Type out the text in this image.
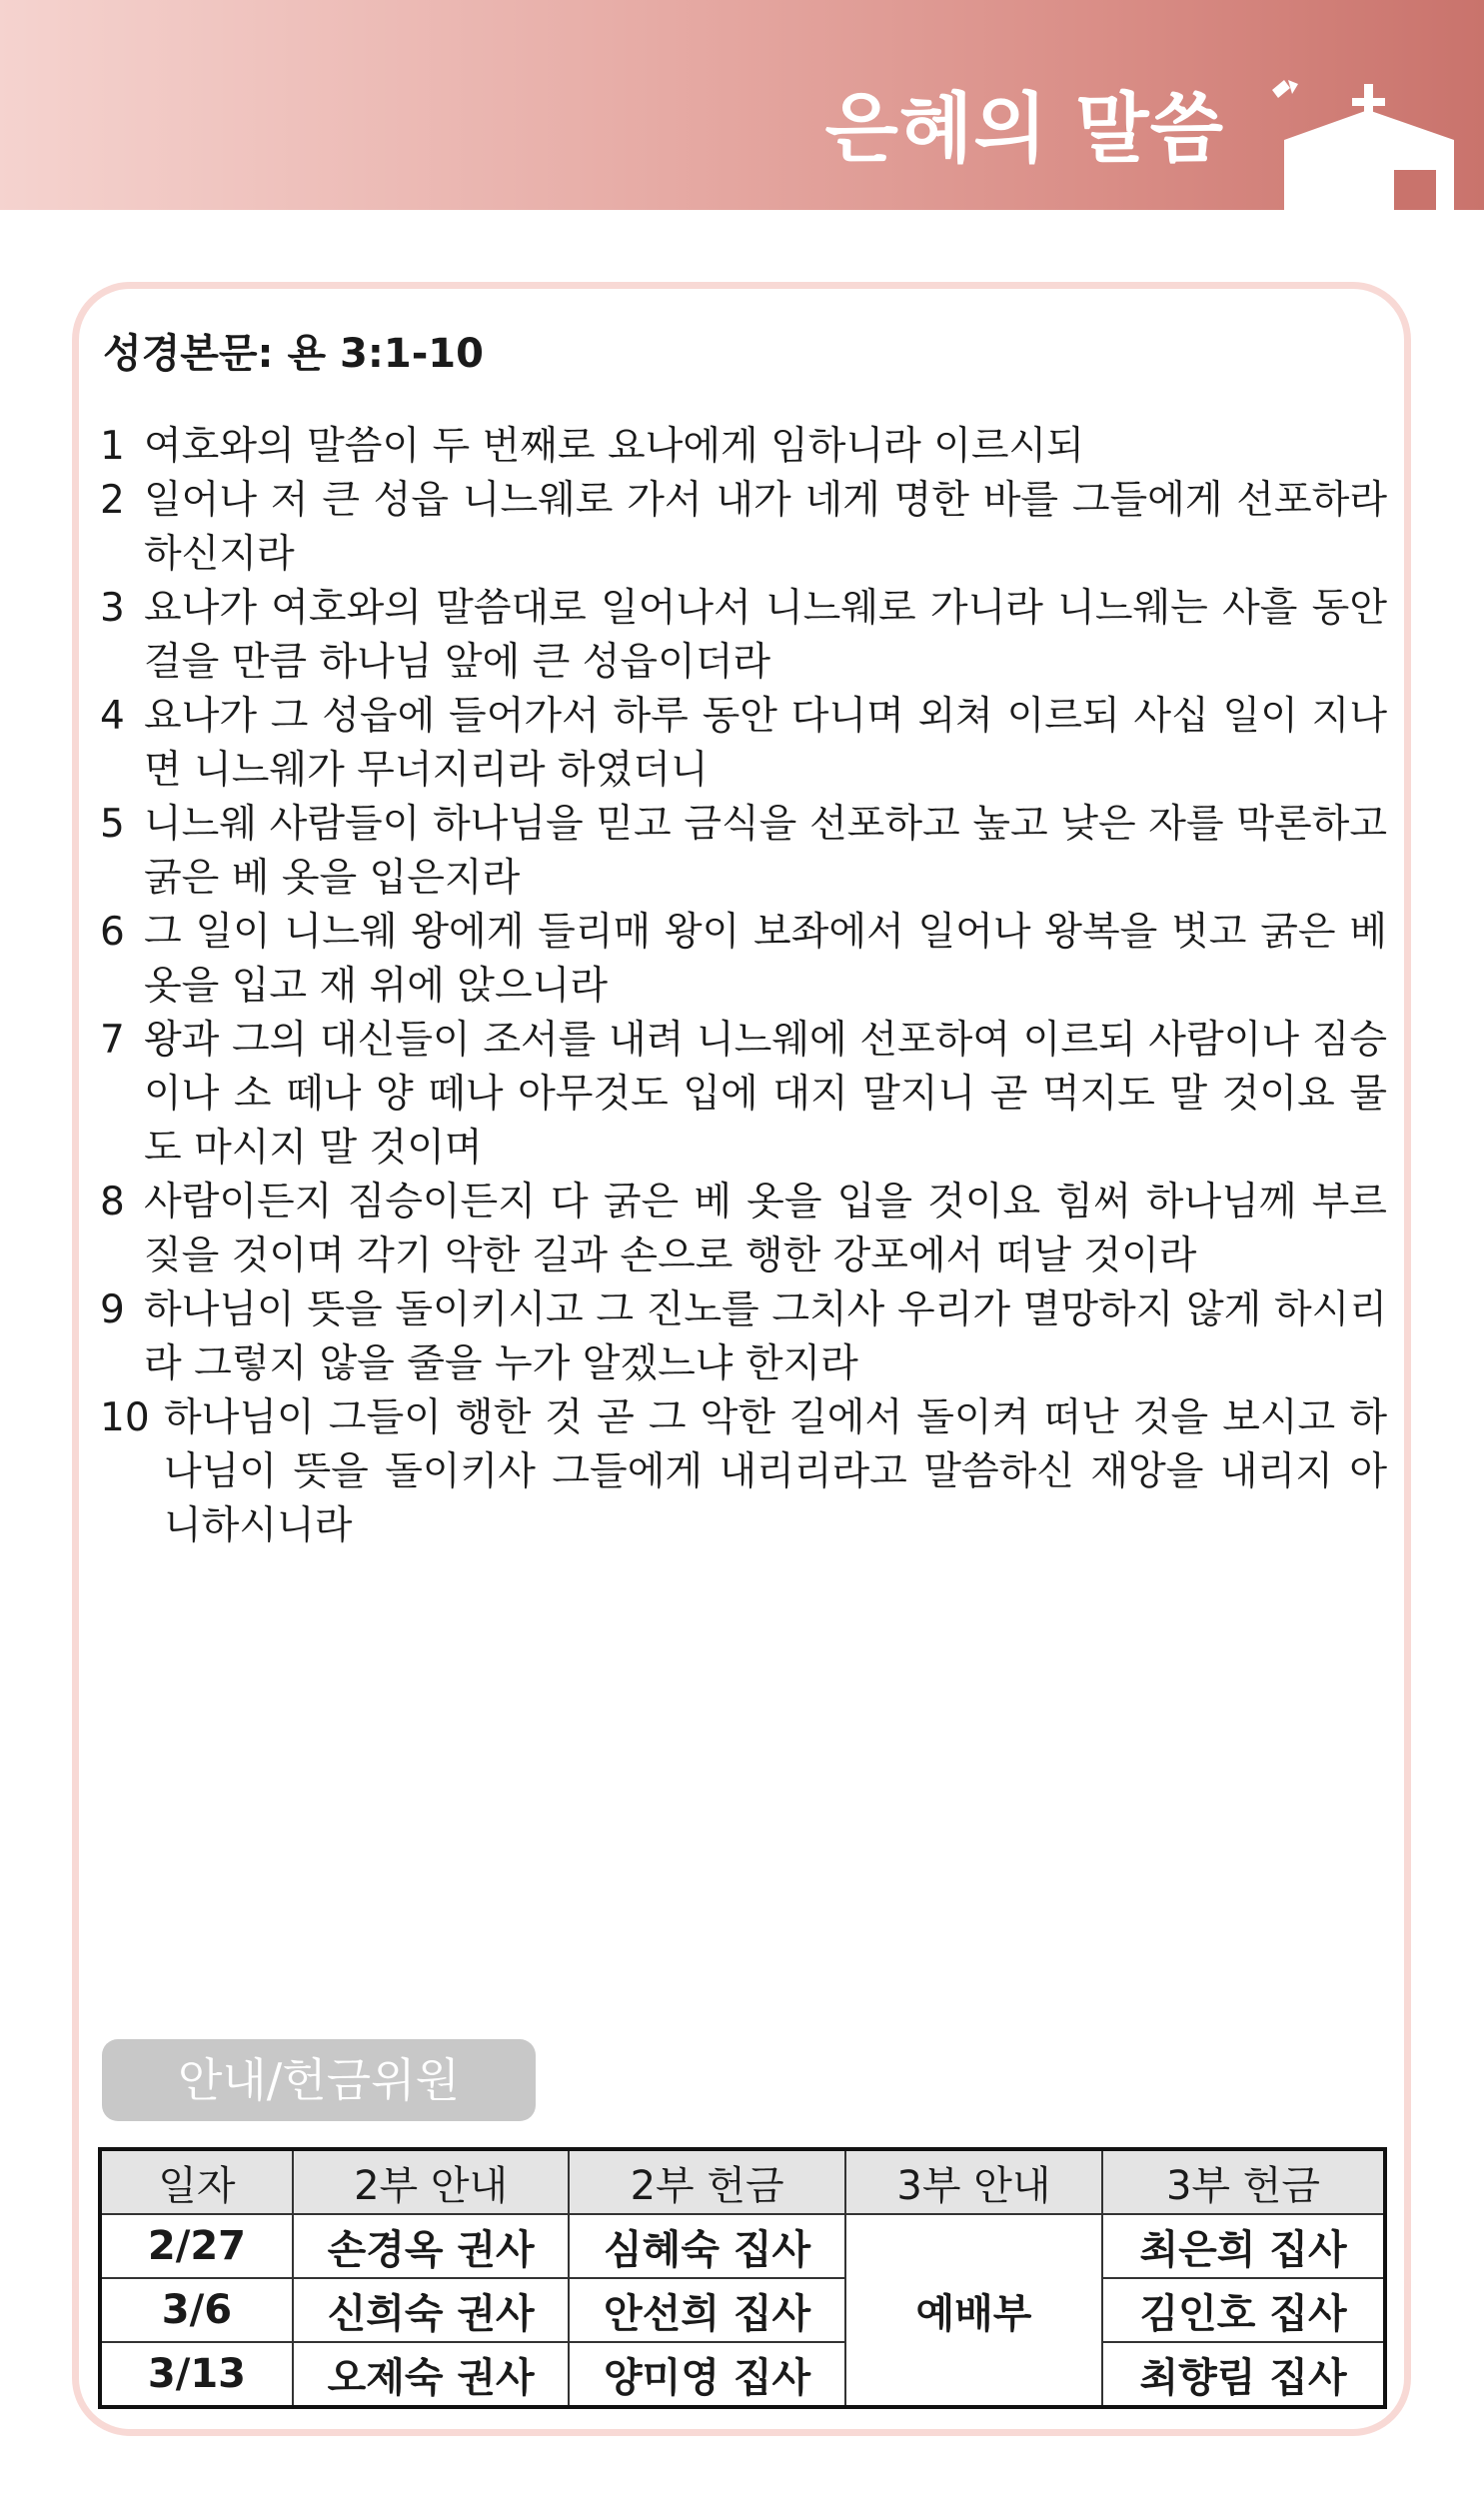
은혜의 말씀
성경본문: 욘 3:1-10
1 여호와의 말씀이 두 번째로 요나에게 임하니라 이르시되
2 일어나 저 큰 성읍 니느웨로 가서 내가 네게 명한 바를 그들에게 선포하라 하신지라
3 요나가 여호와의 말씀대로 일어나서 니느웨로 가니라 니느웨는 사흘 동안 걸을 만큼 하나님 앞에 큰 성읍이더라
4 요나가 그 성읍에 들어가서 하루 동안 다니며 외쳐 이르되 사십 일이 지나면 니느웨가 무너지리라 하였더니
5 니느웨 사람들이 하나님을 믿고 금식을 선포하고 높고 낮은 자를 막론하고 굵은 베 옷을 입은지라
6 그 일이 니느웨 왕에게 들리매 왕이 보좌에서 일어나 왕복을 벗고 굵은 베 옷을 입고 재 위에 앉으니라
7 왕과 그의 대신들이 조서를 내려 니느웨에 선포하여 이르되 사람이나 짐승이나 소 떼나 양 떼나 아무것도 입에 대지 말지니 곧 먹지도 말 것이요 물도 마시지 말 것이며
8 사람이든지 짐승이든지 다 굵은 베 옷을 입을 것이요 힘써 하나님께 부르짖을 것이며 각기 악한 길과 손으로 행한 강포에서 떠날 것이라
9 하나님이 뜻을 돌이키시고 그 진노를 그치사 우리가 멸망하지 않게 하시리라 그렇지 않을 줄을 누가 알겠느냐 한지라
10 하나님이 그들이 행한 것 곧 그 악한 길에서 돌이켜 떠난 것을 보시고 하나님이 뜻을 돌이키사 그들에게 내리리라고 말씀하신 재앙을 내리지 아니하시니라
안내/헌금위원
일자	2부 안내	2부 헌금	3부 안내	3부 헌금
2/27	손경옥 권사	심혜숙 집사	예배부	최은희 집사
3/6	신희숙 권사	안선희 집사		김인호 집사
3/13	오제숙 권사	양미영 집사		최향림 집사
